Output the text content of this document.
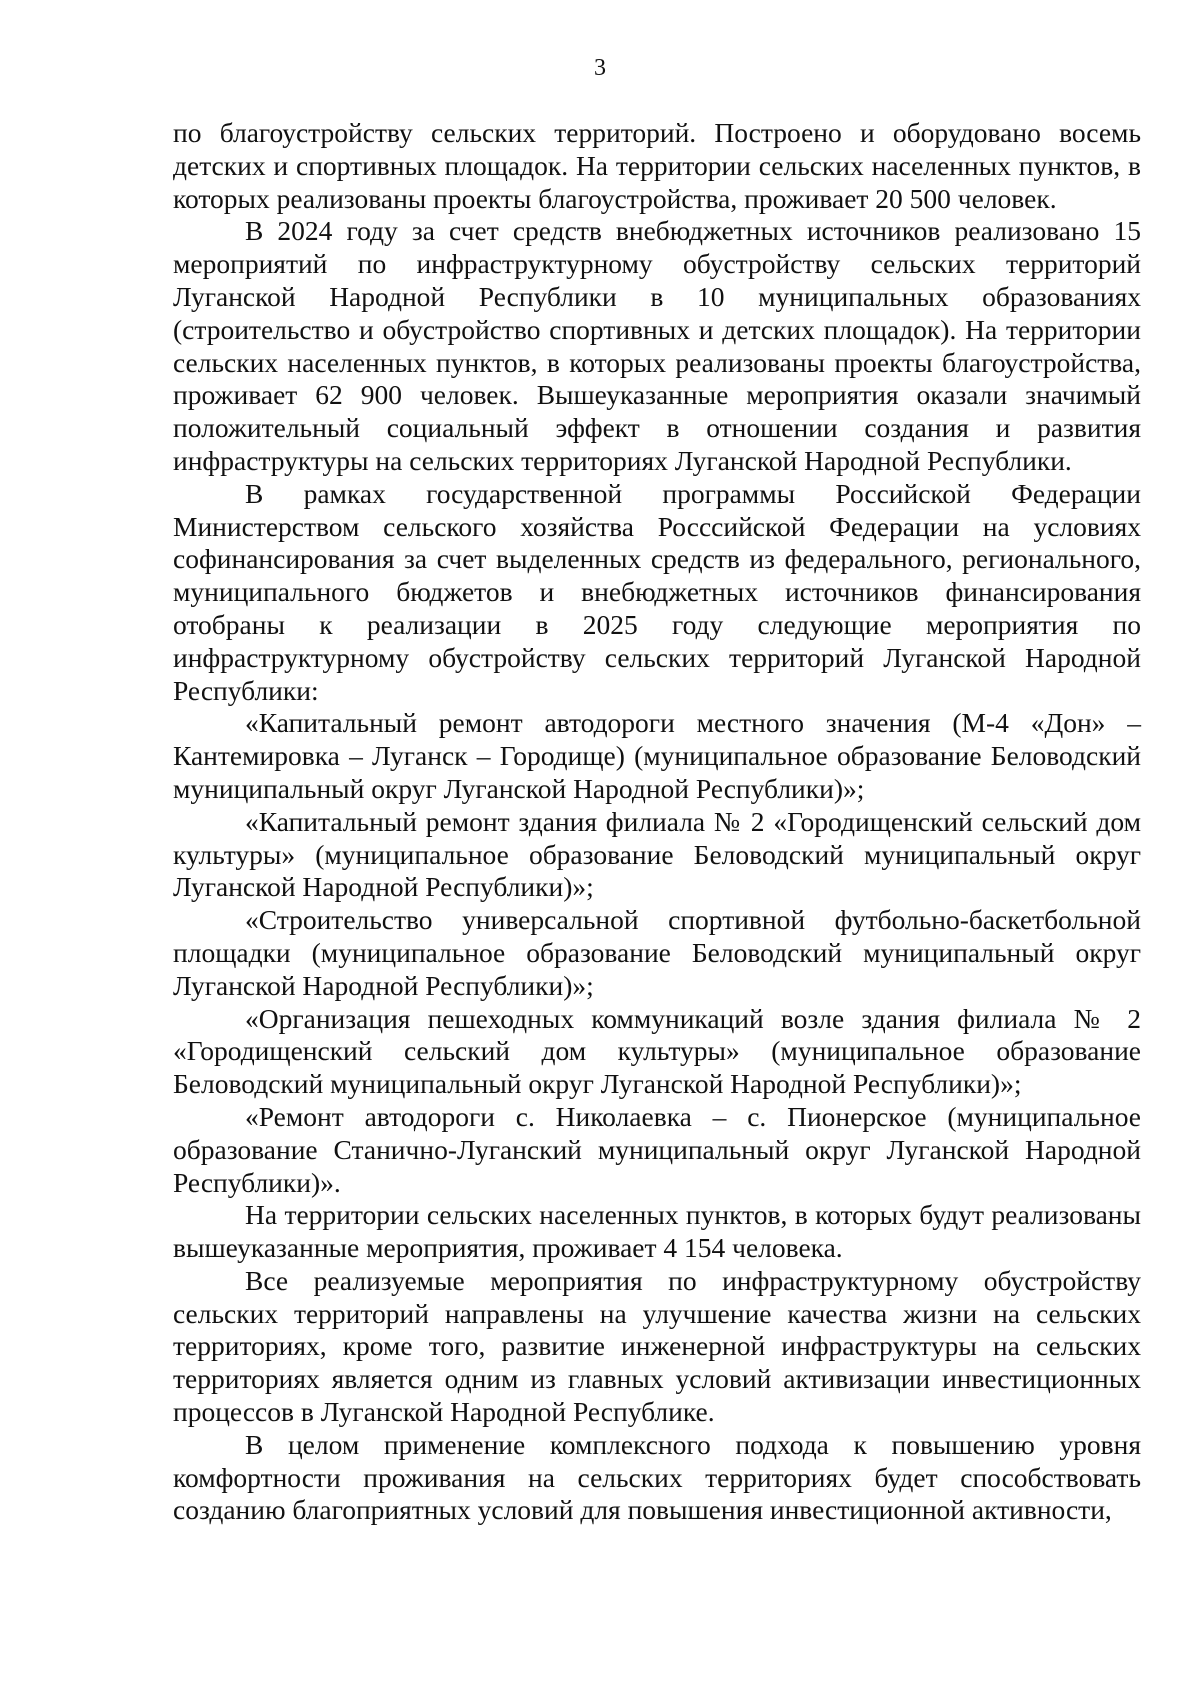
3

по благоустройству сельских территорий. Построено и оборудовано восемь детских и спортивных площадок. На территории сельских населенных пунктов, в которых реализованы проекты благоустройства, проживает 20 500 человек.

В 2024 году за счет средств внебюджетных источников реализовано 15 мероприятий по инфраструктурному обустройству сельских территорий Луганской Народной Республики в 10 муниципальных образованиях (строительство и обустройство спортивных и детских площадок). На территории сельских населенных пунктов, в которых реализованы проекты благоустройства, проживает 62 900 человек. Вышеуказанные мероприятия оказали значимый положительный социальный эффект в отношении создания и развития инфраструктуры на сельских территориях Луганской Народной Республики.

В рамках государственной программы Российской Федерации Министерством сельского хозяйства Росссийской Федерации на условиях софинансирования за счет выделенных средств из федерального, регионального, муниципального бюджетов и внебюджетных источников финансирования отобраны к реализации в 2025 году следующие мероприятия по инфраструктурному обустройству сельских территорий Луганской Народной Республики:

«Капитальный ремонт автодороги местного значения (М-4 «Дон» – Кантемировка – Луганск – Городище) (муниципальное образование Беловодский муниципальный округ Луганской Народной Республики)»;

«Капитальный ремонт здания филиала № 2 «Городищенский сельский дом культуры» (муниципальное образование Беловодский муниципальный округ Луганской Народной Республики)»;

«Строительство универсальной спортивной футбольно-баскетбольной площадки (муниципальное образование Беловодский муниципальный округ Луганской Народной Республики)»;

«Организация пешеходных коммуникаций возле здания филиала № 2 «Городищенский сельский дом культуры» (муниципальное образование Беловодский муниципальный округ Луганской Народной Республики)»;

«Ремонт автодороги с. Николаевка – с. Пионерское (муниципальное образование Станично-Луганский муниципальный округ Луганской Народной Республики)».

На территории сельских населенных пунктов, в которых будут реализованы вышеуказанные мероприятия, проживает 4 154 человека.

Все реализуемые мероприятия по инфраструктурному обустройству сельских территорий направлены на улучшение качества жизни на сельских территориях, кроме того, развитие инженерной инфраструктуры на сельских территориях является одним из главных условий активизации инвестиционных процессов в Луганской Народной Республике.

В целом применение комплексного подхода к повышению уровня комфортности проживания на сельских территориях будет способствовать созданию благоприятных условий для повышения инвестиционной активности,
